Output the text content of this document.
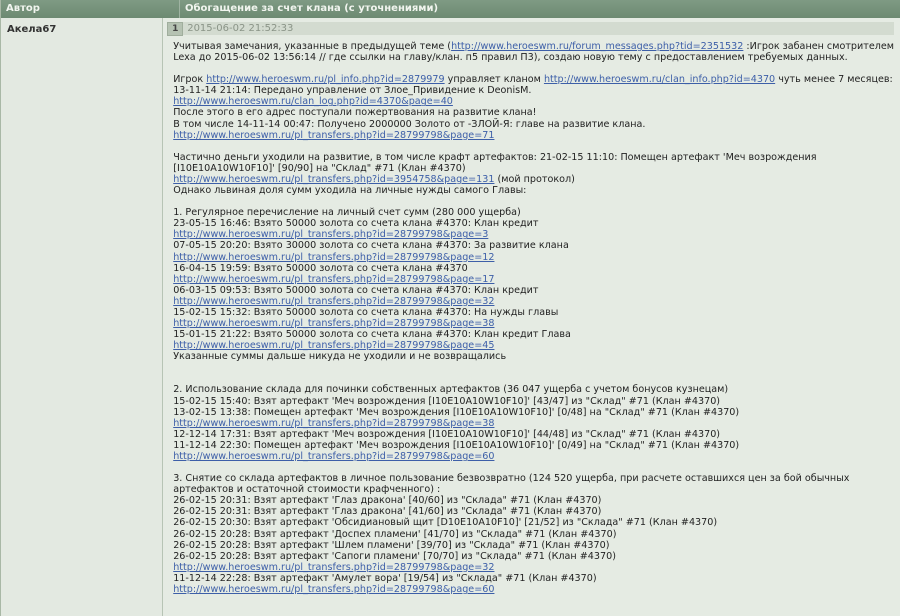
Автор	Обогащение за счет клана (с уточнениями)
Акела67	1 2015-06-02 21:52:33
Учитывая замечания, указанные в предыдущей теме (http://www.heroeswm.ru/forum_messages.php?tid=2351532 :Игрок забанен смотрителем
Lexa до 2015-06-02 13:56:14 // где ссылки на главу/клан. п5 правил П3), создаю новую тему с предоставлением требуемых данных.
Игрок http://www.heroeswm.ru/pl_info.php?id=2879979 управляет кланом http://www.heroeswm.ru/clan_info.php?id=4370 чуть менее 7 месяцев:
13-11-14 21:14: Передано управление от Злое_Привидение к DeonisM.
http://www.heroeswm.ru/clan_log.php?id=4370&page=40
После этого в его адрес поступали пожертвования на развитие клана!
В том числе 14-11-14 00:47: Получено 2000000 Золото от -ЗЛОЙ-Я: главе на развитие клана.
http://www.heroeswm.ru/pl_transfers.php?id=28799798&page=71
Частично деньги уходили на развитие, в том числе крафт артефактов: 21-02-15 11:10: Помещен артефакт 'Меч возрождения
[I10E10A10W10F10]' [90/90] на "Склад" #71 (Клан #4370)
http://www.heroeswm.ru/pl_transfers.php?id=3954758&page=131 (мой протокол)
Однако львиная доля сумм уходила на личные нужды самого Главы:
1. Регулярное перечисление на личный счет сумм (280 000 ущерба)
23-05-15 16:46: Взято 50000 золота со счета клана #4370: Клан кредит
http://www.heroeswm.ru/pl_transfers.php?id=28799798&page=3
07-05-15 20:20: Взято 30000 золота со счета клана #4370: За развитие клана
http://www.heroeswm.ru/pl_transfers.php?id=28799798&page=12
16-04-15 19:59: Взято 50000 золота со счета клана #4370
http://www.heroeswm.ru/pl_transfers.php?id=28799798&page=17
06-03-15 09:53: Взято 50000 золота со счета клана #4370: Клан кредит
http://www.heroeswm.ru/pl_transfers.php?id=28799798&page=32
15-02-15 15:32: Взято 50000 золота со счета клана #4370: На нужды главы
http://www.heroeswm.ru/pl_transfers.php?id=28799798&page=38
15-01-15 21:22: Взято 50000 золота со счета клана #4370: Клан кредит Глава
http://www.heroeswm.ru/pl_transfers.php?id=28799798&page=45
Указанные суммы дальше никуда не уходили и не возвращались
2. Использование склада для починки собственных артефактов (36 047 ущерба с учетом бонусов кузнецам)
15-02-15 15:40: Взят артефакт 'Меч возрождения [I10E10A10W10F10]' [43/47] из "Склад" #71 (Клан #4370)
13-02-15 13:38: Помещен артефакт 'Меч возрождения [I10E10A10W10F10]' [0/48] на "Склад" #71 (Клан #4370)
http://www.heroeswm.ru/pl_transfers.php?id=28799798&page=38
12-12-14 17:31: Взят артефакт 'Меч возрождения [I10E10A10W10F10]' [44/48] из "Склад" #71 (Клан #4370)
11-12-14 22:30: Помещен артефакт 'Меч возрождения [I10E10A10W10F10]' [0/49] на "Склад" #71 (Клан #4370)
http://www.heroeswm.ru/pl_transfers.php?id=28799798&page=60
3. Снятие со склада артефактов в личное пользование безвозвратно (124 520 ущерба, при расчете оставшихся цен за бой обычных
артефактов и остаточной стоимости крафченного) :
26-02-15 20:31: Взят артефакт 'Глаз дракона' [40/60] из "Склада" #71 (Клан #4370)
26-02-15 20:31: Взят артефакт 'Глаз дракона' [41/60] из "Склада" #71 (Клан #4370)
26-02-15 20:30: Взят артефакт 'Обсидиановый щит [D10E10A10F10]' [21/52] из "Склада" #71 (Клан #4370)
26-02-15 20:28: Взят артефакт 'Доспех пламени' [41/70] из "Склада" #71 (Клан #4370)
26-02-15 20:28: Взят артефакт 'Шлем пламени' [39/70] из "Склада" #71 (Клан #4370)
26-02-15 20:28: Взят артефакт 'Сапоги пламени' [70/70] из "Склада" #71 (Клан #4370)
http://www.heroeswm.ru/pl_transfers.php?id=28799798&page=32
11-12-14 22:28: Взят артефакт 'Амулет вора' [19/54] из "Склада" #71 (Клан #4370)
http://www.heroeswm.ru/pl_transfers.php?id=28799798&page=60
